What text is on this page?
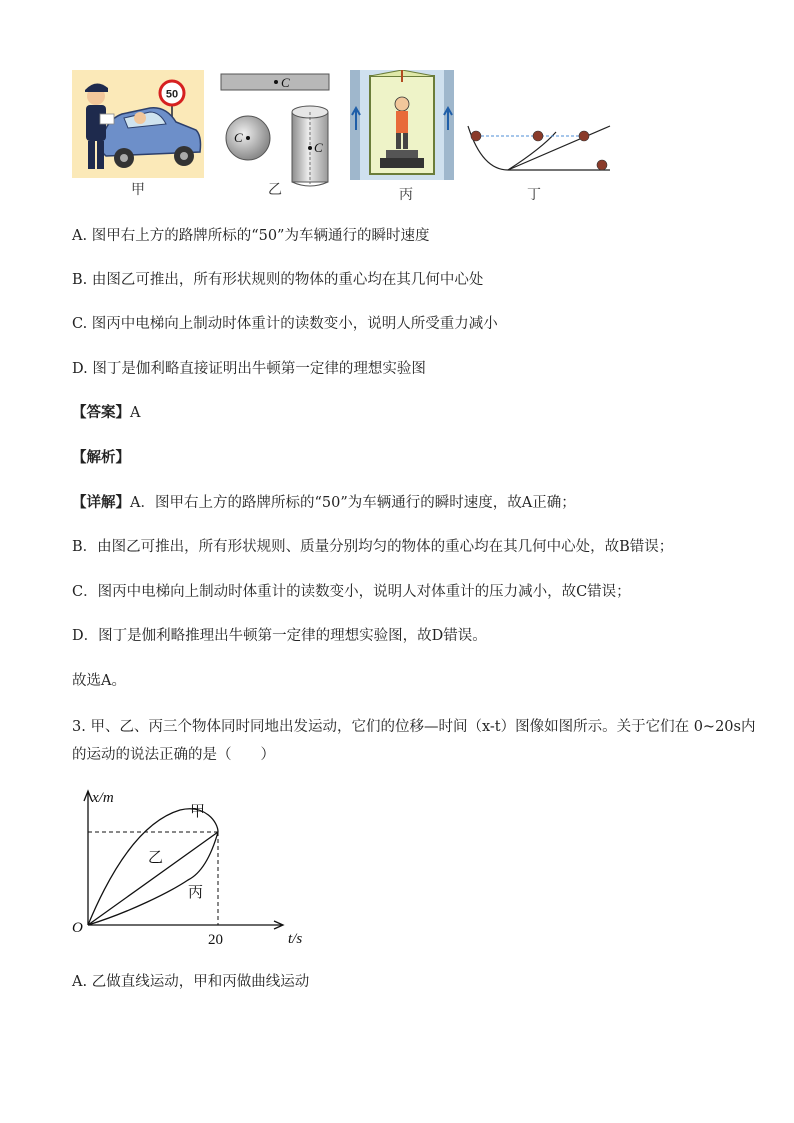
50
甲
C
C
C
乙	丙	丁
A. 图甲右上方的路牌所标的“50”为车辆通行的瞬时速度
B. 由图乙可推出，所有形状规则的物体的重心均在其几何中心处
C. 图丙中电梯向上制动时体重计的读数变小，说明人所受重力减小
D. 图丁是伽利略直接证明出牛顿第一定律的理想实验图
【答案】A
【解析】
【详解】A．图甲右上方的路牌所标的“50”为车辆通行的瞬时速度，故A正确；
B．由图乙可推出，所有形状规则、质量分别均匀的物体的重心均在其几何中心处，故B错误；
C．图丙中电梯向上制动时体重计的读数变小，说明人对体重计的压力减小，故C错误；
D．图丁是伽利略推理出牛顿第一定律的理想实验图，故D错误。
故选A。
3. 甲、乙、丙三个物体同时同地出发运动，它们的位移—时间（x-t）图像如图所示。关于它们在 0~20s内
的运动的说法正确的是（　　）
x/m
t/s
O
20
甲
乙
丙
A. 乙做直线运动，甲和丙做曲线运动
